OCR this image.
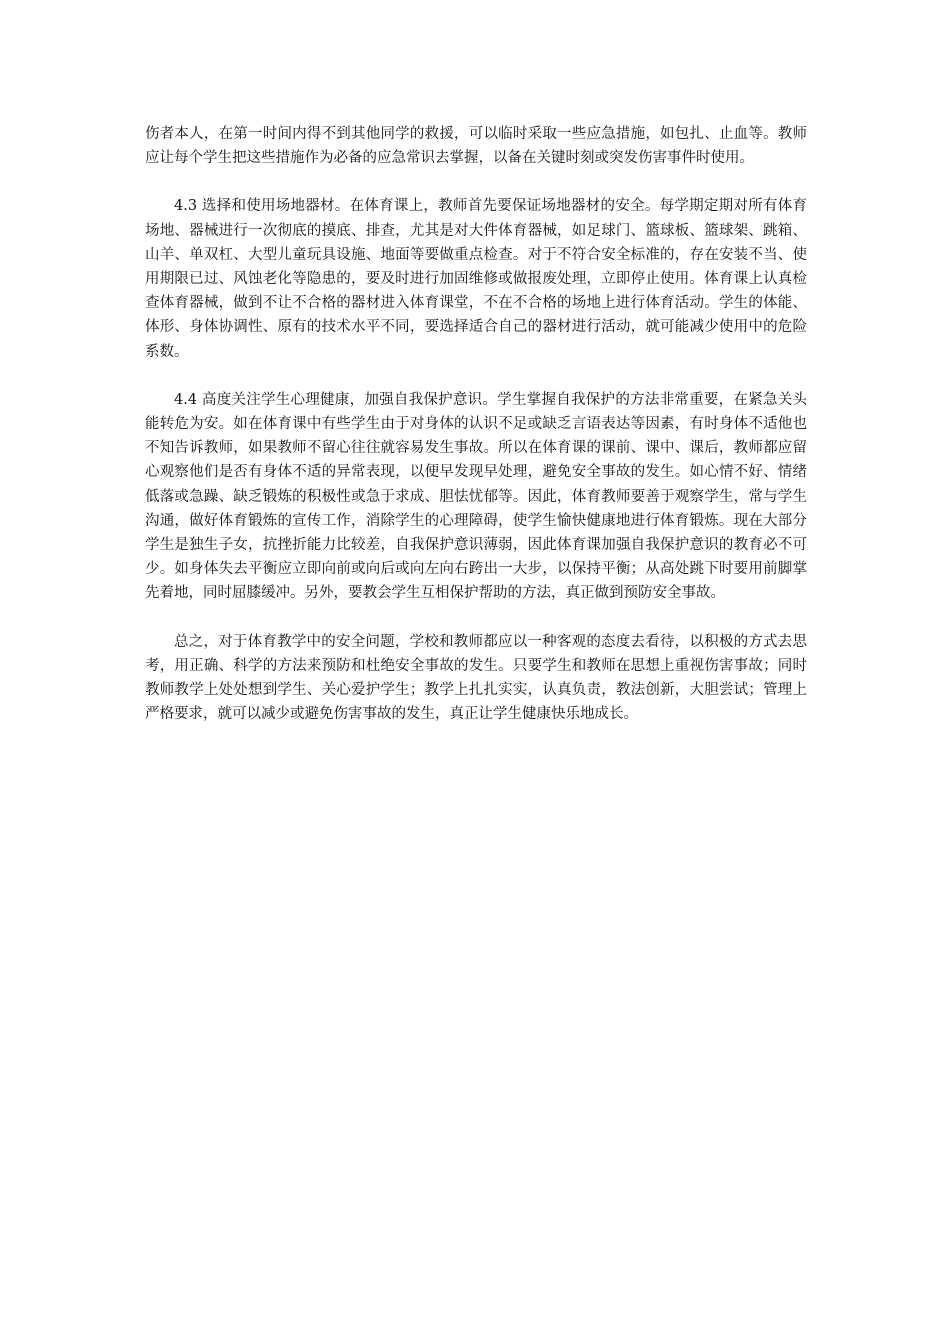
伤者本人，在第一时间内得不到其他同学的救援，可以临时采取一些应急措施，如包扎、止血等。教师应让每个学生把这些措施作为必备的应急常识去掌握，以备在关键时刻或突发伤害事件时使用。

4.3 选择和使用场地器材。在体育课上，教师首先要保证场地器材的安全。每学期定期对所有体育场地、器械进行一次彻底的摸底、排查，尤其是对大件体育器械，如足球门、篮球板、篮球架、跳箱、山羊、单双杠、大型儿童玩具设施、地面等要做重点检查。对于不符合安全标准的，存在安装不当、使用期限已过、风蚀老化等隐患的，要及时进行加固维修或做报废处理，立即停止使用。体育课上认真检查体育器械，做到不让不合格的器材进入体育课堂，不在不合格的场地上进行体育活动。学生的体能、体形、身体协调性、原有的技术水平不同，要选择适合自己的器材进行活动，就可能减少使用中的危险系数。

4.4 高度关注学生心理健康，加强自我保护意识。学生掌握自我保护的方法非常重要，在紧急关头能转危为安。如在体育课中有些学生由于对身体的认识不足或缺乏言语表达等因素，有时身体不适他也不知告诉教师，如果教师不留心往往就容易发生事故。所以在体育课的课前、课中、课后，教师都应留心观察他们是否有身体不适的异常表现，以便早发现早处理，避免安全事故的发生。如心情不好、情绪低落或急躁、缺乏锻炼的积极性或急于求成、胆怯忧郁等。因此，体育教师要善于观察学生，常与学生沟通，做好体育锻炼的宣传工作，消除学生的心理障碍，使学生愉快健康地进行体育锻炼。现在大部分学生是独生子女，抗挫折能力比较差，自我保护意识薄弱，因此体育课加强自我保护意识的教育必不可少。如身体失去平衡应立即向前或向后或向左向右跨出一大步，以保持平衡；从高处跳下时要用前脚掌先着地，同时屈膝缓冲。另外，要教会学生互相保护帮助的方法，真正做到预防安全事故。

总之，对于体育教学中的安全问题，学校和教师都应以一种客观的态度去看待，以积极的方式去思考，用正确、科学的方法来预防和杜绝安全事故的发生。只要学生和教师在思想上重视伤害事故；同时教师教学上处处想到学生、关心爱护学生；教学上扎扎实实，认真负责，教法创新，大胆尝试；管理上严格要求，就可以减少或避免伤害事故的发生，真正让学生健康快乐地成长。
